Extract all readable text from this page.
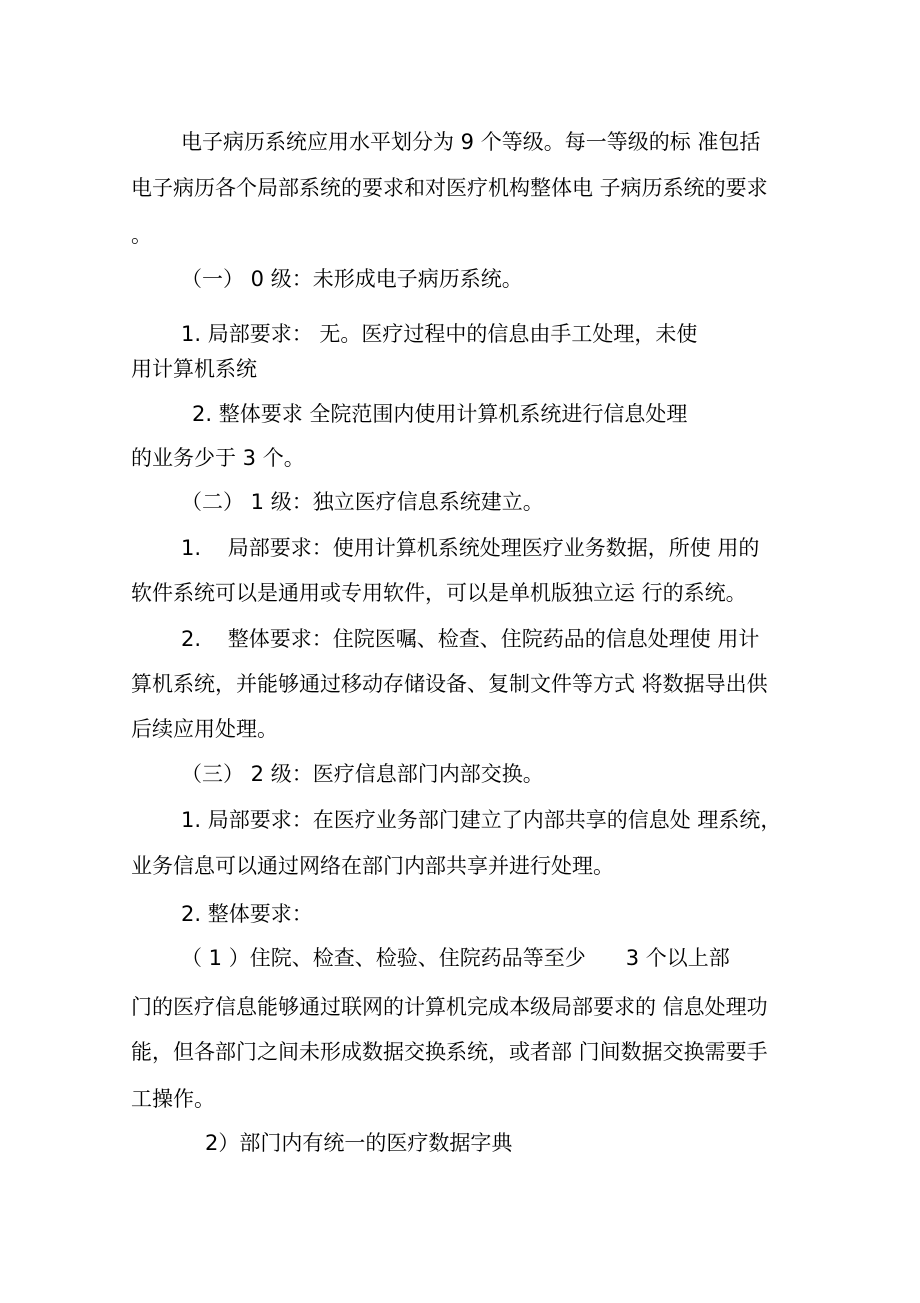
电子病历系统应用水平划分为 9 个等级。每一等级的标 准包括

电子病历各个局部系统的要求和对医疗机构整体电 子病历系统的要求

。

（一） 0 级：未形成电子病历系统。

1. 局部要求： 无。医疗过程中的信息由手工处理，未使

用计算机系统

2. 整体要求 全院范围内使用计算机系统进行信息处理

的业务少于 3 个。

（二） 1 级：独立医疗信息系统建立。

1.    局部要求：使用计算机系统处理医疗业务数据，所使 用的

软件系统可以是通用或专用软件，可以是单机版独立运 行的系统。

2.    整体要求：住院医嘱、检查、住院药品的信息处理使 用计

算机系统，并能够通过移动存储设备、复制文件等方式 将数据导出供

后续应用处理。

（三） 2 级：医疗信息部门内部交换。

1. 局部要求：在医疗业务部门建立了内部共享的信息处 理系统，

业务信息可以通过网络在部门内部共享并进行处理。

2. 整体要求：

（ 1 ）住院、检查、检验、住院药品等至少      3 个以上部

门的医疗信息能够通过联网的计算机完成本级局部要求的 信息处理功

能，但各部门之间未形成数据交换系统，或者部 门间数据交换需要手

工操作。

2）部门内有统一的医疗数据字典
